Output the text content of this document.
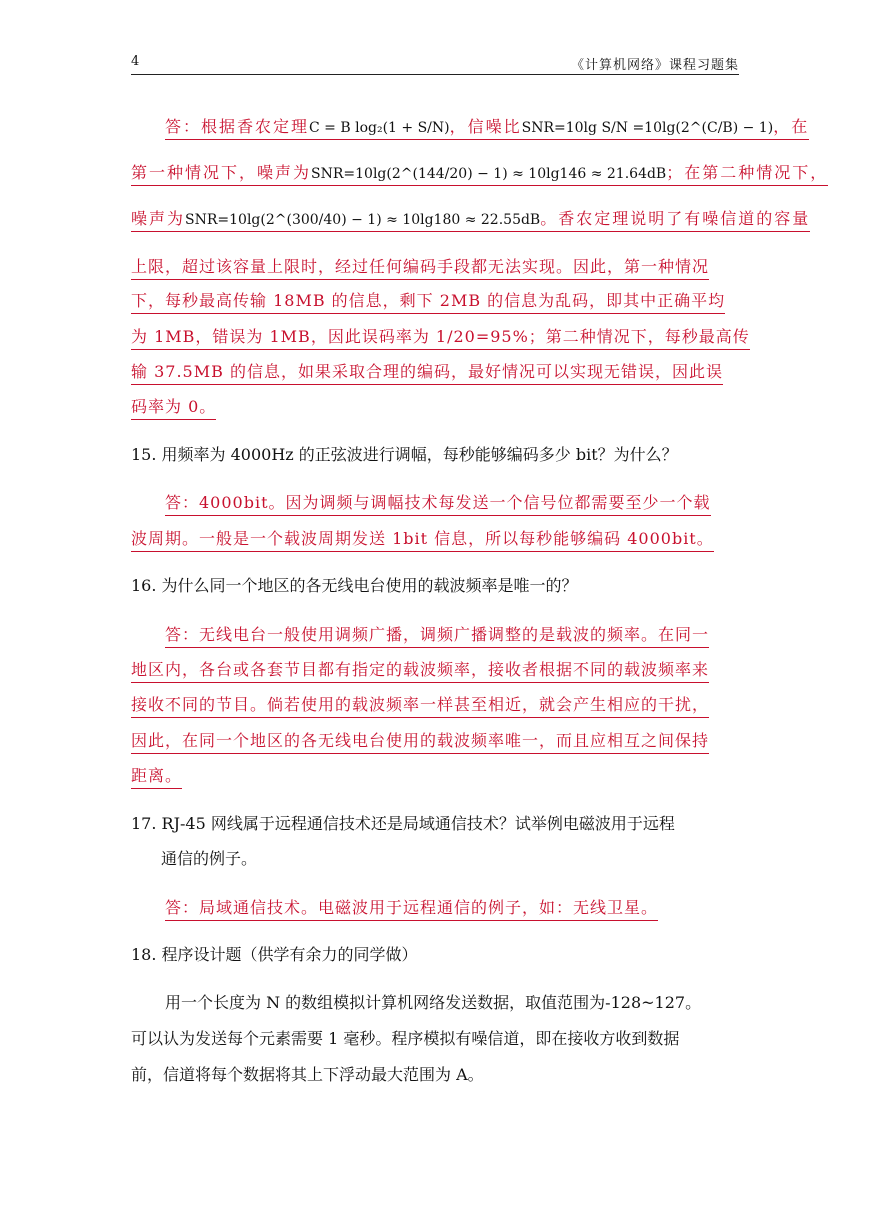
4	《计算机网络》课程习题集
答：根据香农定理C = B log₂(1 + S/N)，信噪比SNR=10lg S/N =10lg(2^(C/B) − 1)，在
第一种情况下，噪声为SNR=10lg(2^(144/20) − 1) ≈ 10lg146 ≈ 21.64dB；在第二种情况下，
噪声为SNR=10lg(2^(300/40) − 1) ≈ 10lg180 ≈ 22.55dB。香农定理说明了有噪信道的容量
上限，超过该容量上限时，经过任何编码手段都无法实现。因此，第一种情况
下，每秒最高传输 18MB 的信息，剩下 2MB 的信息为乱码，即其中正确平均
为 1MB，错误为 1MB，因此误码率为 1/20=95%；第二种情况下，每秒最高传
输 37.5MB 的信息，如果采取合理的编码，最好情况可以实现无错误，因此误
码率为 0。
15. 用频率为 4000Hz 的正弦波进行调幅，每秒能够编码多少 bit？为什么？
答：4000bit。因为调频与调幅技术每发送一个信号位都需要至少一个载
波周期。一般是一个载波周期发送 1bit 信息，所以每秒能够编码 4000bit。
16. 为什么同一个地区的各无线电台使用的载波频率是唯一的？
答：无线电台一般使用调频广播，调频广播调整的是载波的频率。在同一
地区内，各台或各套节目都有指定的载波频率，接收者根据不同的载波频率来
接收不同的节目。倘若使用的载波频率一样甚至相近，就会产生相应的干扰，
因此，在同一个地区的各无线电台使用的载波频率唯一，而且应相互之间保持
距离。
17. RJ-45 网线属于远程通信技术还是局域通信技术？试举例电磁波用于远程
通信的例子。
答：局域通信技术。电磁波用于远程通信的例子，如：无线卫星。
18. 程序设计题（供学有余力的同学做）
用一个长度为 N 的数组模拟计算机网络发送数据，取值范围为-128~127。
可以认为发送每个元素需要 1 毫秒。程序模拟有噪信道，即在接收方收到数据
前，信道将每个数据将其上下浮动最大范围为 A。
